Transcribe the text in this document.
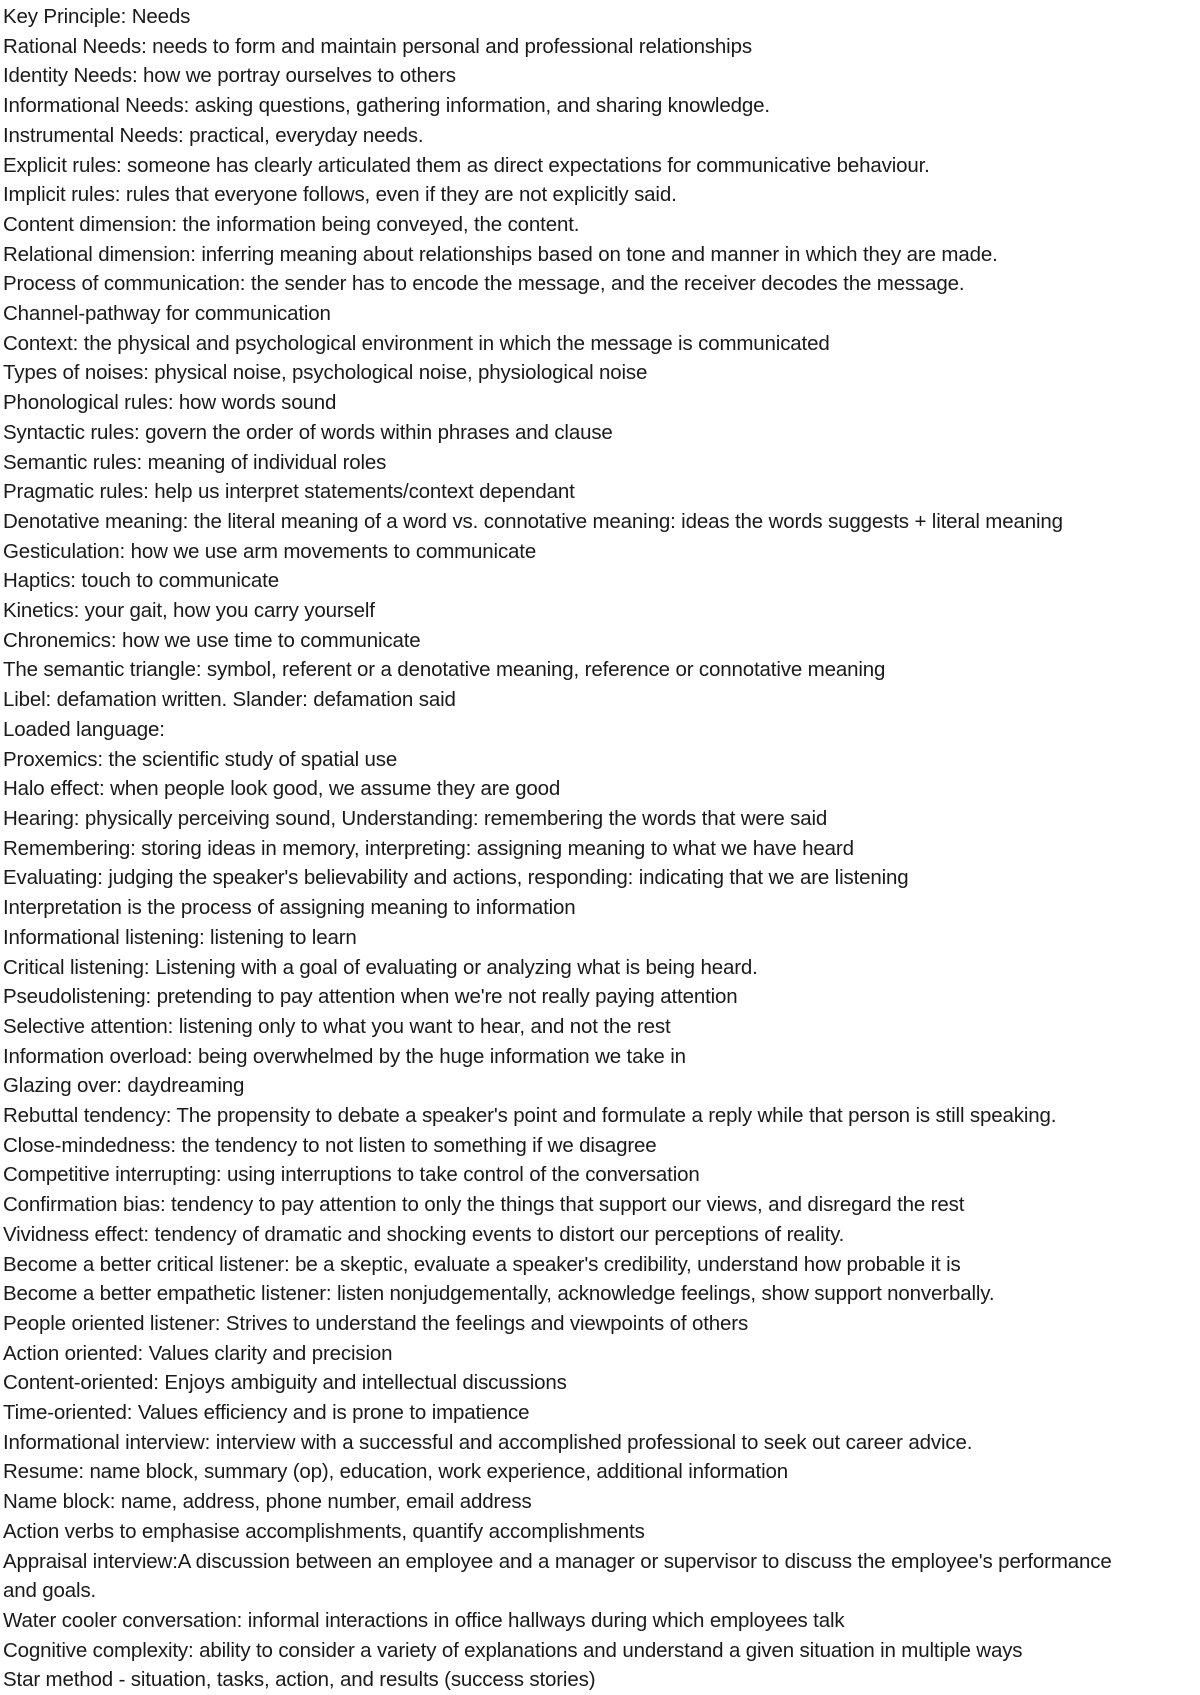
Key Principle: Needs
Rational Needs: needs to form and maintain personal and professional relationships
Identity Needs: how we portray ourselves to others
Informational Needs: asking questions, gathering information, and sharing knowledge.
Instrumental Needs: practical, everyday needs.
Explicit rules: someone has clearly articulated them as direct expectations for communicative behaviour.
Implicit rules: rules that everyone follows, even if they are not explicitly said.
Content dimension: the information being conveyed, the content.
Relational dimension: inferring meaning about relationships based on tone and manner in which they are made.
Process of communication: the sender has to encode the message, and the receiver decodes the message.
Channel-pathway for communication
Context: the physical and psychological environment in which the message is communicated
Types of noises: physical noise, psychological noise, physiological noise
Phonological rules: how words sound
Syntactic rules: govern the order of words within phrases and clause
Semantic rules: meaning of individual roles
Pragmatic rules: help us interpret statements/context dependant
Denotative meaning: the literal meaning of a word vs. connotative meaning: ideas the words suggests + literal meaning
Gesticulation: how we use arm movements to communicate
Haptics: touch to communicate
Kinetics: your gait, how you carry yourself
Chronemics: how we use time to communicate
The semantic triangle: symbol, referent or a denotative meaning, reference or connotative meaning
Libel: defamation written. Slander: defamation said
Loaded language:
Proxemics: the scientific study of spatial use
Halo effect: when people look good, we assume they are good
Hearing: physically perceiving sound, Understanding: remembering the words that were said
Remembering: storing ideas in memory, interpreting: assigning meaning to what we have heard
Evaluating: judging the speaker's believability and actions, responding: indicating that we are listening
Interpretation is the process of assigning meaning to information
Informational listening: listening to learn
Critical listening: Listening with a goal of evaluating or analyzing what is being heard.
Pseudolistening: pretending to pay attention when we're not really paying attention
Selective attention: listening only to what you want to hear, and not the rest
Information overload: being overwhelmed by the huge information we take in
Glazing over: daydreaming
Rebuttal tendency: The propensity to debate a speaker's point and formulate a reply while that person is still speaking.
Close-mindedness: the tendency to not listen to something if we disagree
Competitive interrupting: using interruptions to take control of the conversation
Confirmation bias: tendency to pay attention to only the things that support our views, and disregard the rest
Vividness effect: tendency of dramatic and shocking events to distort our perceptions of reality.
Become a better critical listener: be a skeptic, evaluate a speaker's credibility, understand how probable it is
Become a better empathetic listener: listen nonjudgementally, acknowledge feelings, show support nonverbally.
People oriented listener: Strives to understand the feelings and viewpoints of others
Action oriented: Values clarity and precision
Content-oriented: Enjoys ambiguity and intellectual discussions
Time-oriented: Values efficiency and is prone to impatience
Informational interview: interview with a successful and accomplished professional to seek out career advice.
Resume: name block, summary (op), education, work experience, additional information
Name block: name, address, phone number, email address
Action verbs to emphasise accomplishments, quantify accomplishments
Appraisal interview:A discussion between an employee and a manager or supervisor to discuss the employee's performance and goals.
Water cooler conversation: informal interactions in office hallways during which employees talk
Cognitive complexity: ability to consider a variety of explanations and understand a given situation in multiple ways
Star method - situation, tasks, action, and results (success stories)
